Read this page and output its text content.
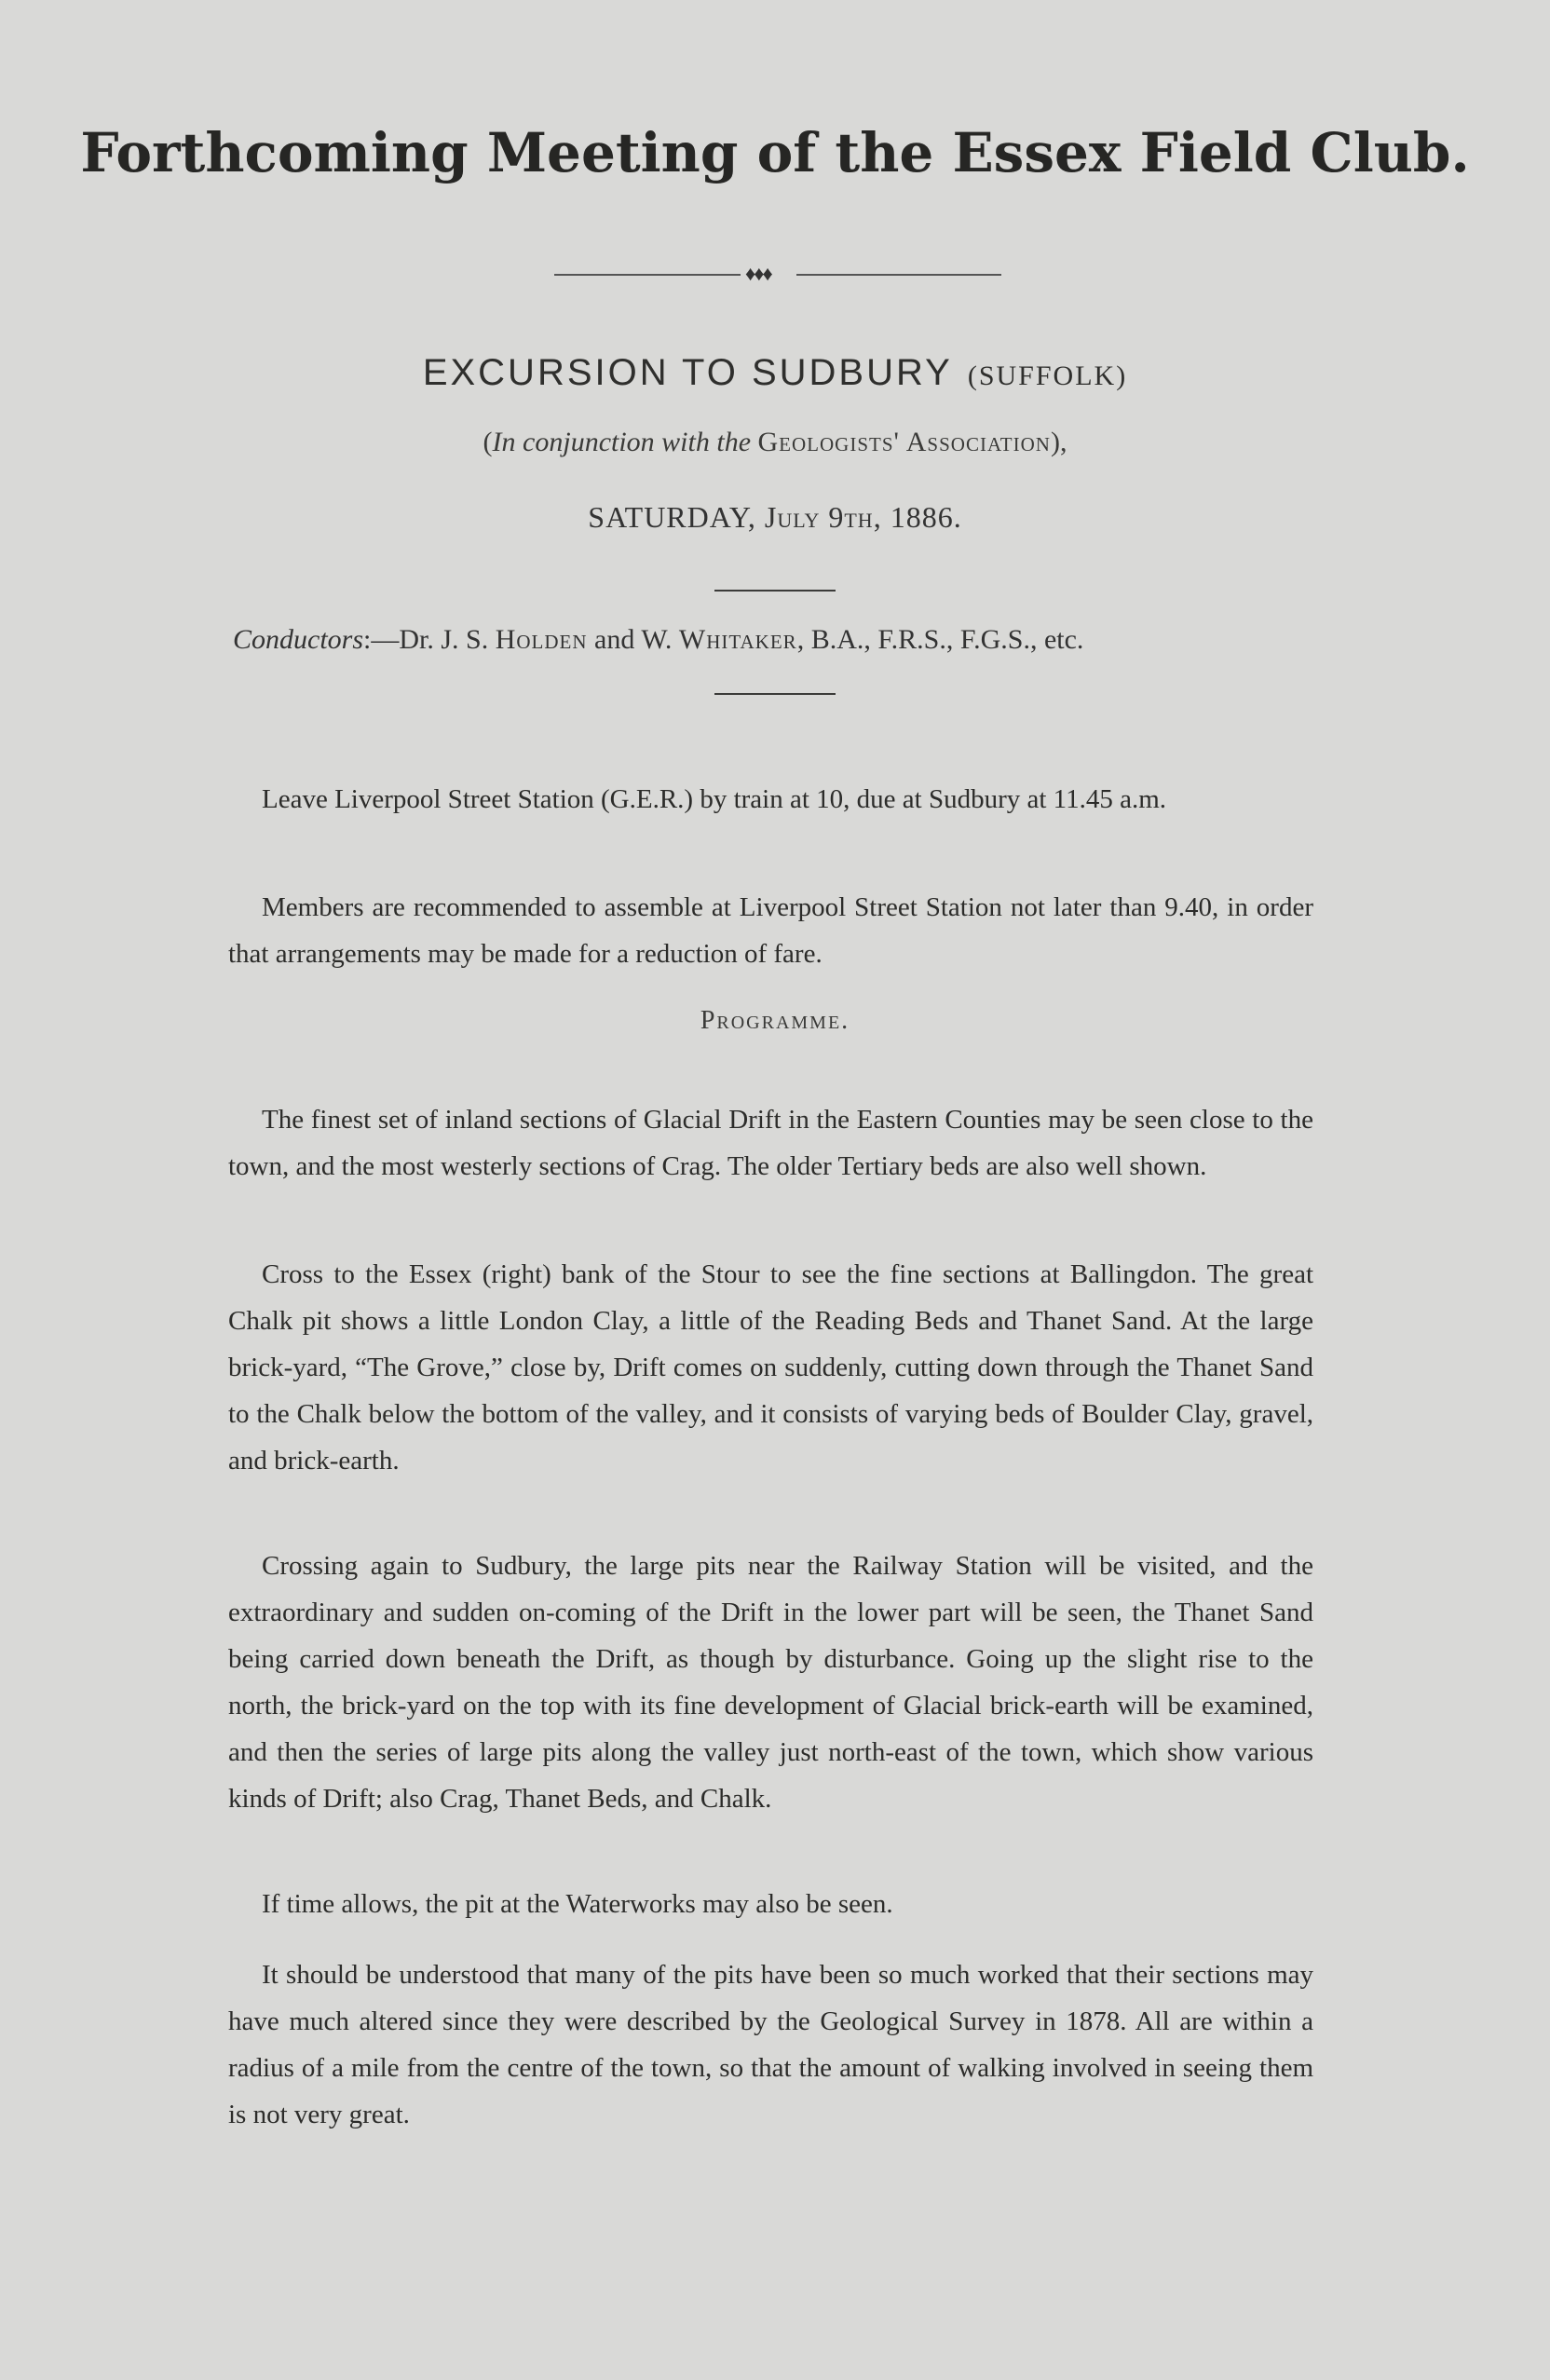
Forthcoming Meeting of the Essex Field Club.
♦♦♦
EXCURSION TO SUDBURY (SUFFOLK)
(In conjunction with the Geologists' Association),
SATURDAY, July 9th, 1886.
Conductors:—Dr. J. S. Holden and W. Whitaker, B.A., F.R.S., F.G.S., etc.

Leave Liverpool Street Station (G.E.R.) by train at 10, due at Sudbury at 11.45 a.m.

Members are recommended to assemble at Liverpool Street Station not later than 9.40, in order that arrangements may be made for a reduction of fare.

Programme.

The finest set of inland sections of Glacial Drift in the Eastern Counties may be seen close to the town, and the most westerly sections of Crag. The older Tertiary beds are also well shown.

Cross to the Essex (right) bank of the Stour to see the fine sections at Ballingdon. The great Chalk pit shows a little London Clay, a little of the Reading Beds and Thanet Sand. At the large brick-yard, “The Grove,” close by, Drift comes on suddenly, cutting down through the Thanet Sand to the Chalk below the bottom of the valley, and it consists of varying beds of Boulder Clay, gravel, and brick-earth.

Crossing again to Sudbury, the large pits near the Railway Station will be visited, and the extraordinary and sudden on-coming of the Drift in the lower part will be seen, the Thanet Sand being carried down beneath the Drift, as though by disturbance. Going up the slight rise to the north, the brick-yard on the top with its fine development of Glacial brick-earth will be examined, and then the series of large pits along the valley just north-east of the town, which show various kinds of Drift; also Crag, Thanet Beds, and Chalk.

If time allows, the pit at the Waterworks may also be seen.

It should be understood that many of the pits have been so much worked that their sections may have much altered since they were described by the Geological Survey in 1878. All are within a radius of a mile from the centre of the town, so that the amount of walking involved in seeing them is not very great.
